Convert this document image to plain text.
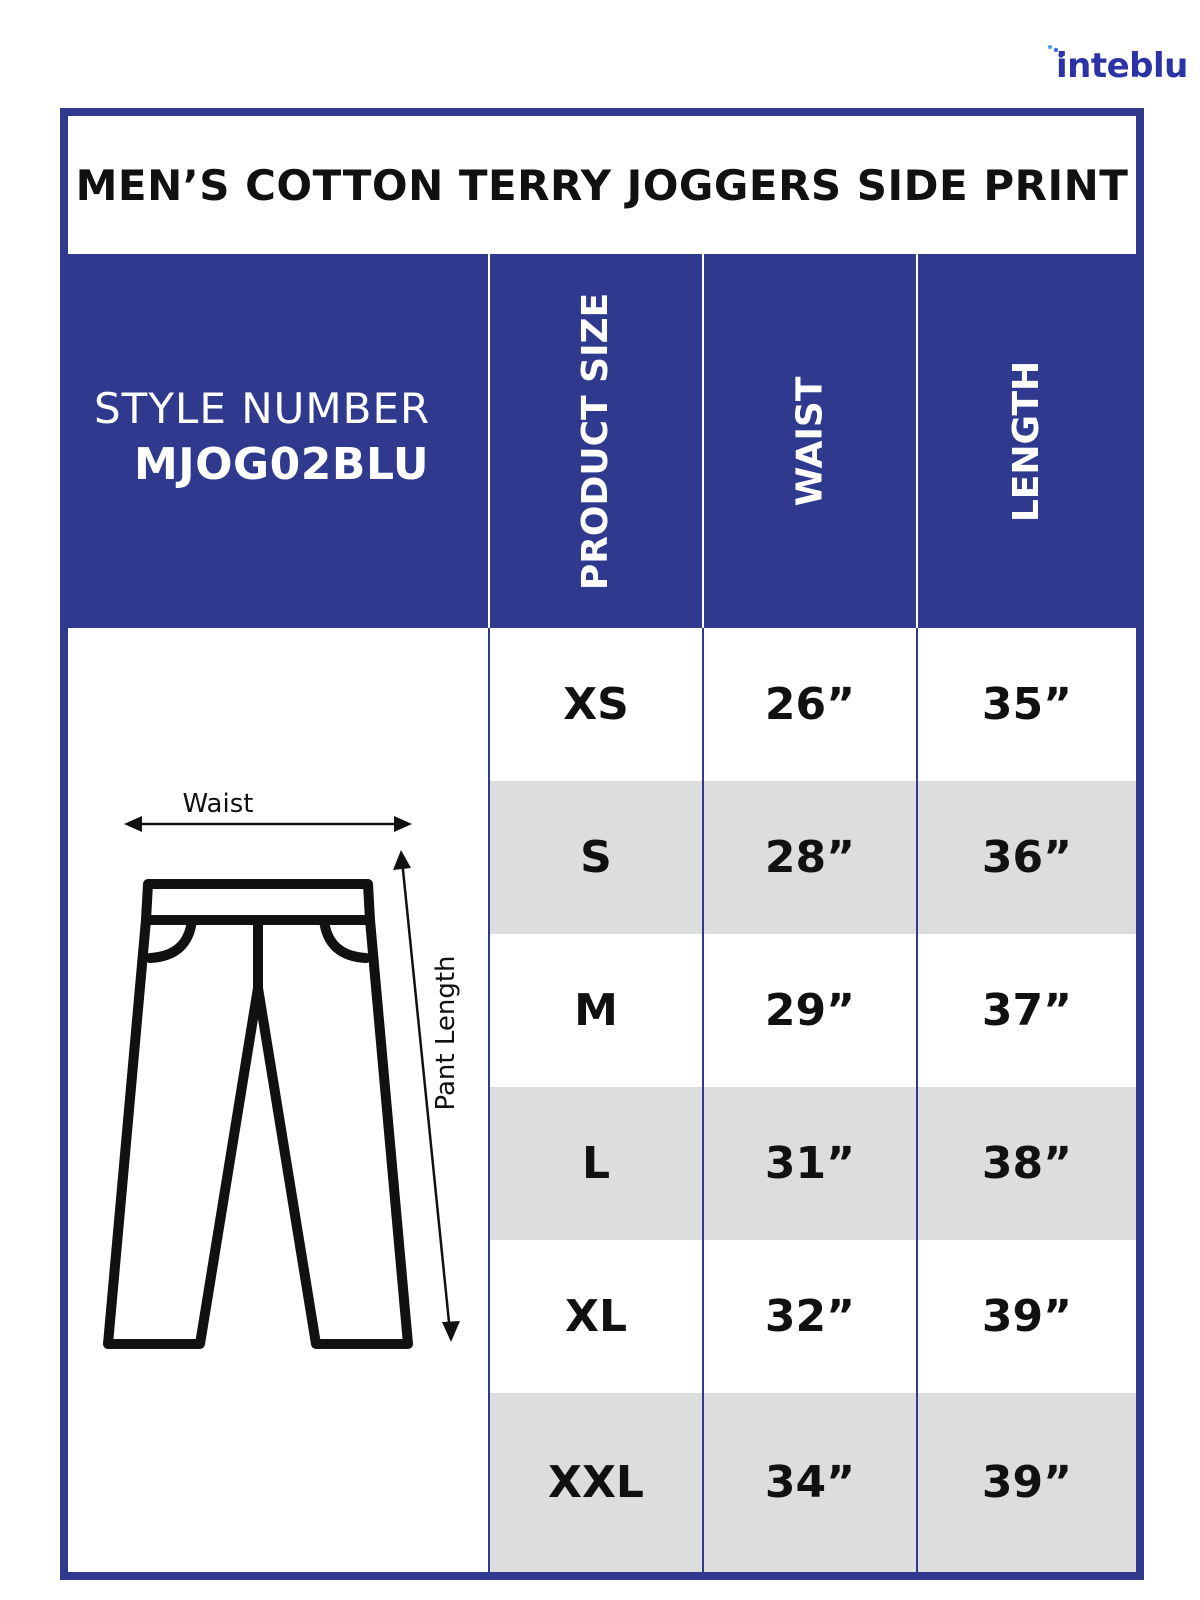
inteblu
MEN’S COTTON TERRY JOGGERS SIDE PRINT
STYLE NUMBER
MJOG02BLU	PRODUCT SIZE	WAIST	LENGTH
XS	26”	35”
S	28”	36”
M	29”	37”
L	31”	38”
XL	32”	39”
XXL	34”	39”
Waist
Pant Length
